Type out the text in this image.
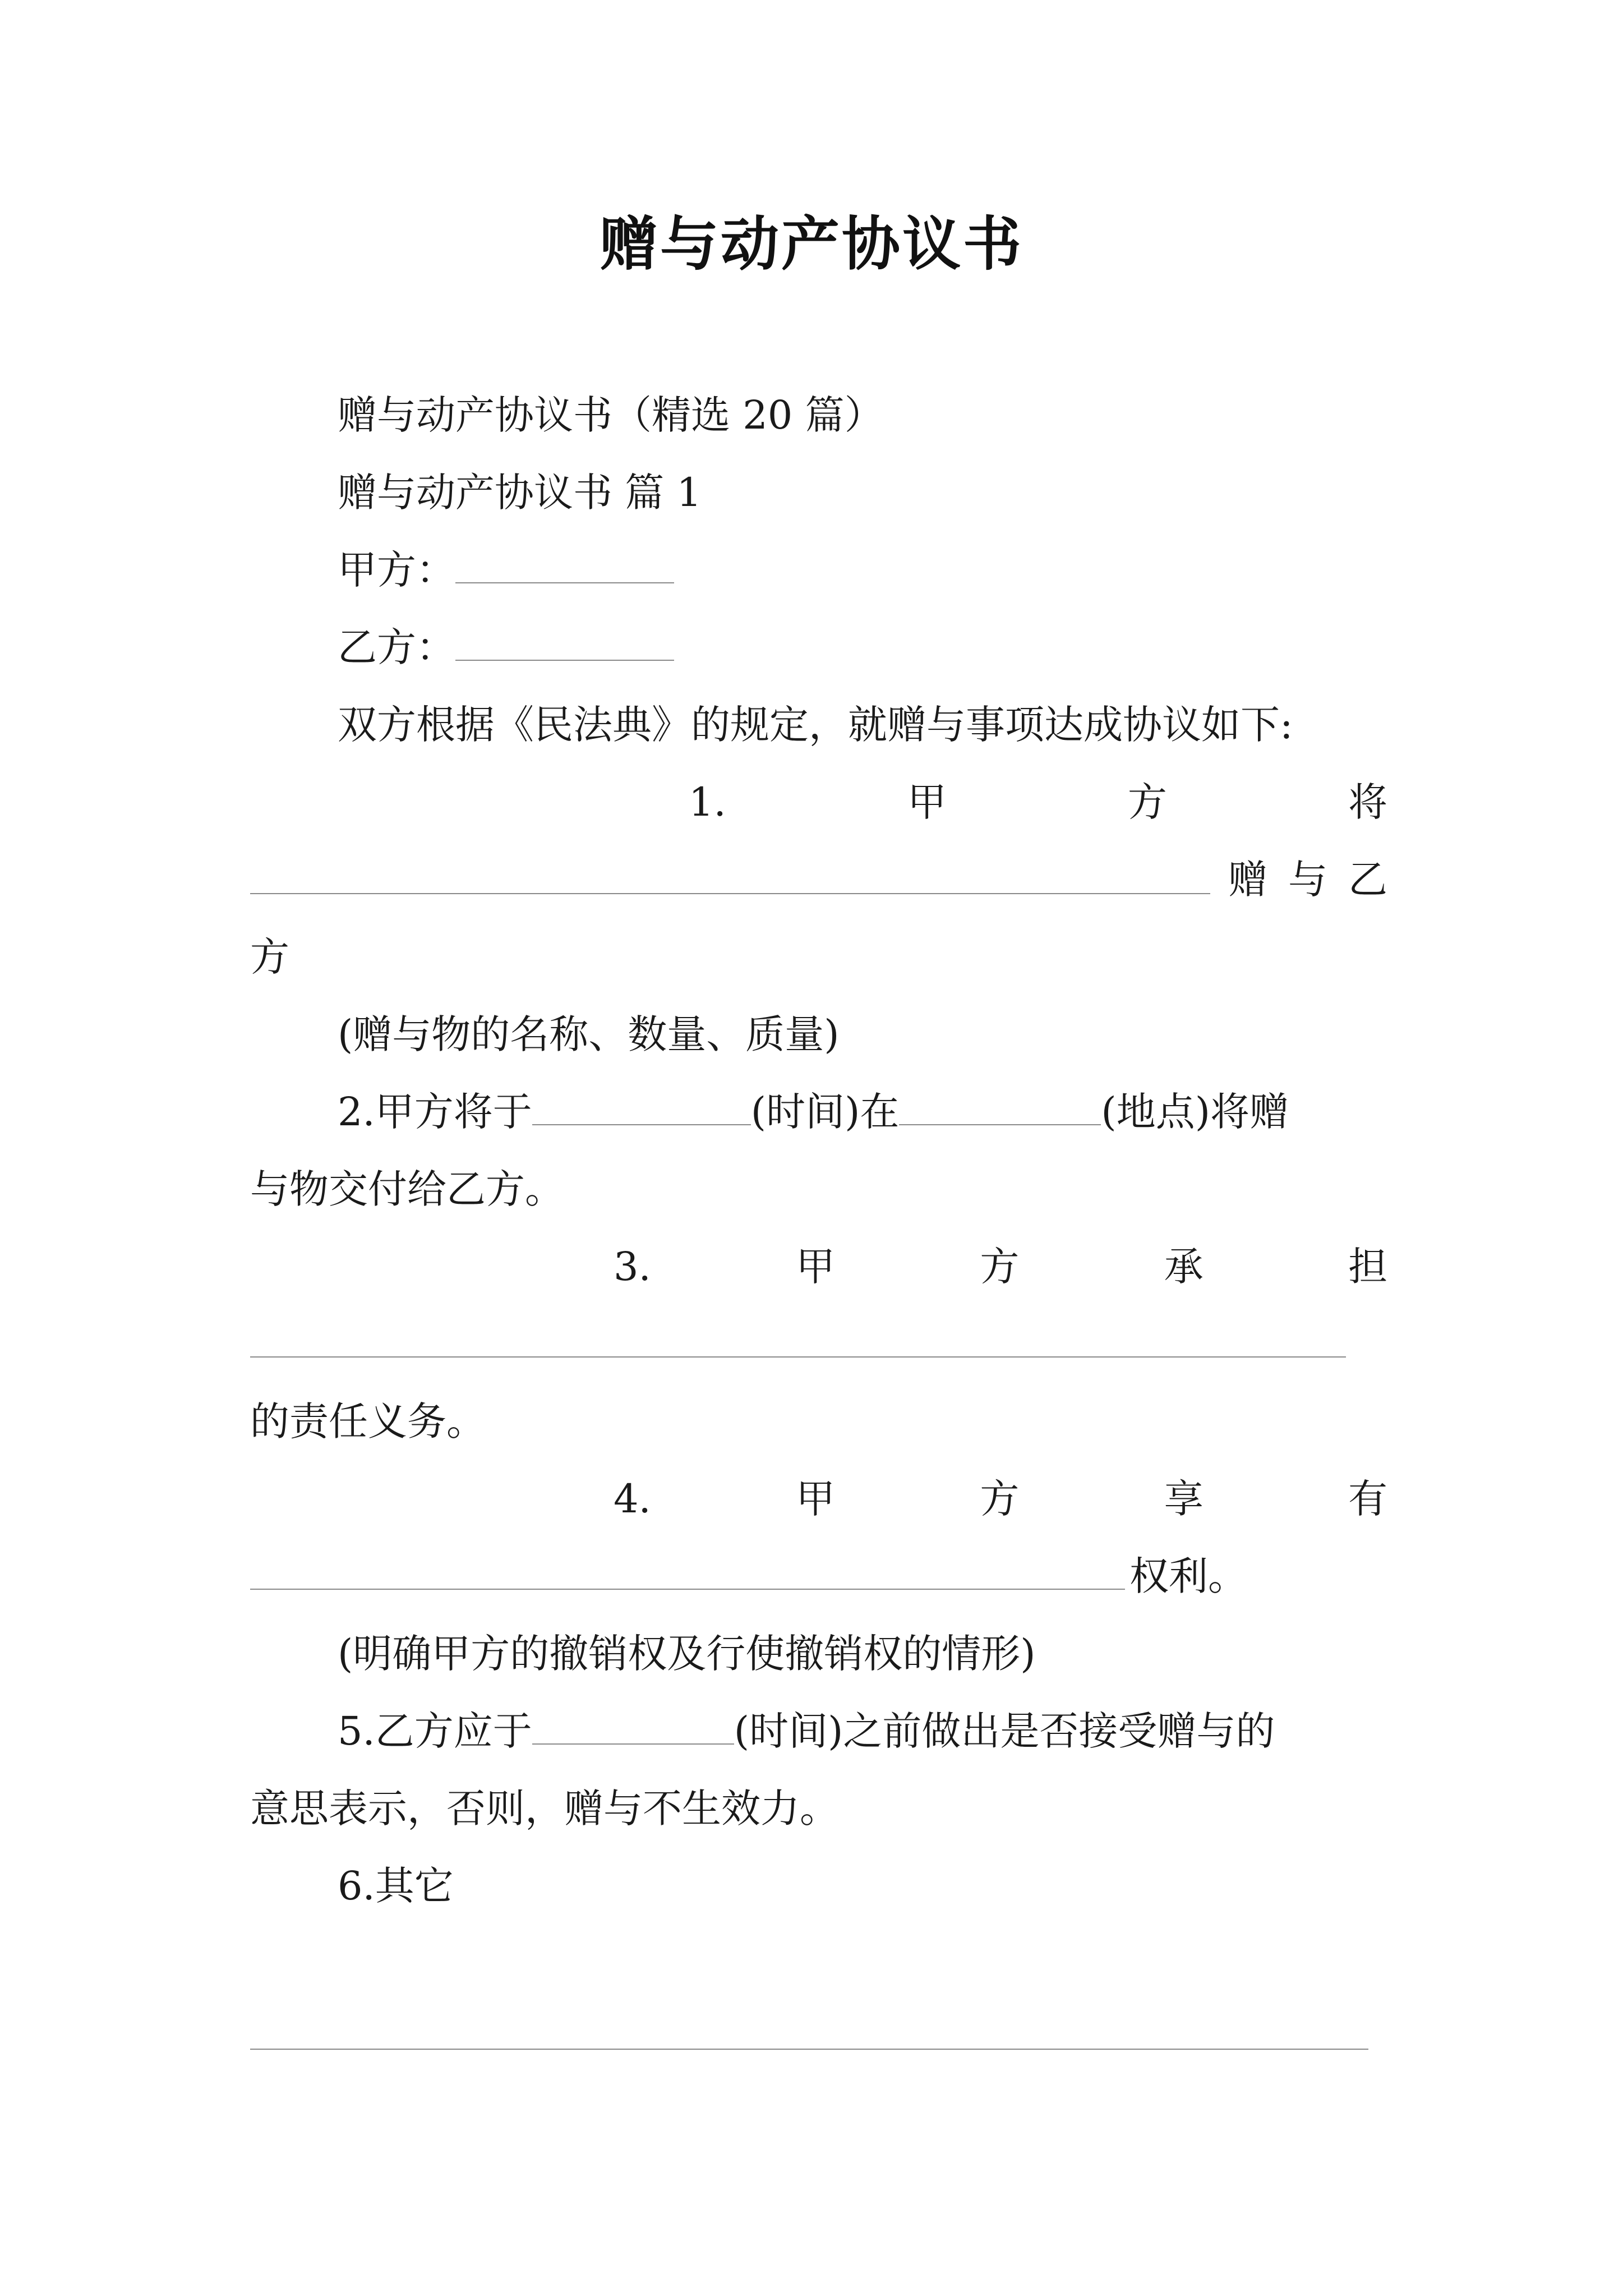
赠与动产协议书
赠与动产协议书（精选 20 篇）
赠与动产协议书 篇 1
甲方：
乙方：
双方根据《民法典》的规定，就赠与事项达成协议如下:
1.	甲	方	将
赠 与 乙
方
(赠与物的名称、数量、质量)
2.甲方将于	(时间)在	(地点)将赠
与物交付给乙方。
3.	甲	方	承	担
的责任义务。
4.	甲	方	享	有
权利。
(明确甲方的撤销权及行使撤销权的情形)
5.乙方应于	(时间)之前做出是否接受赠与的
意思表示，否则，赠与不生效力。
6.其它
